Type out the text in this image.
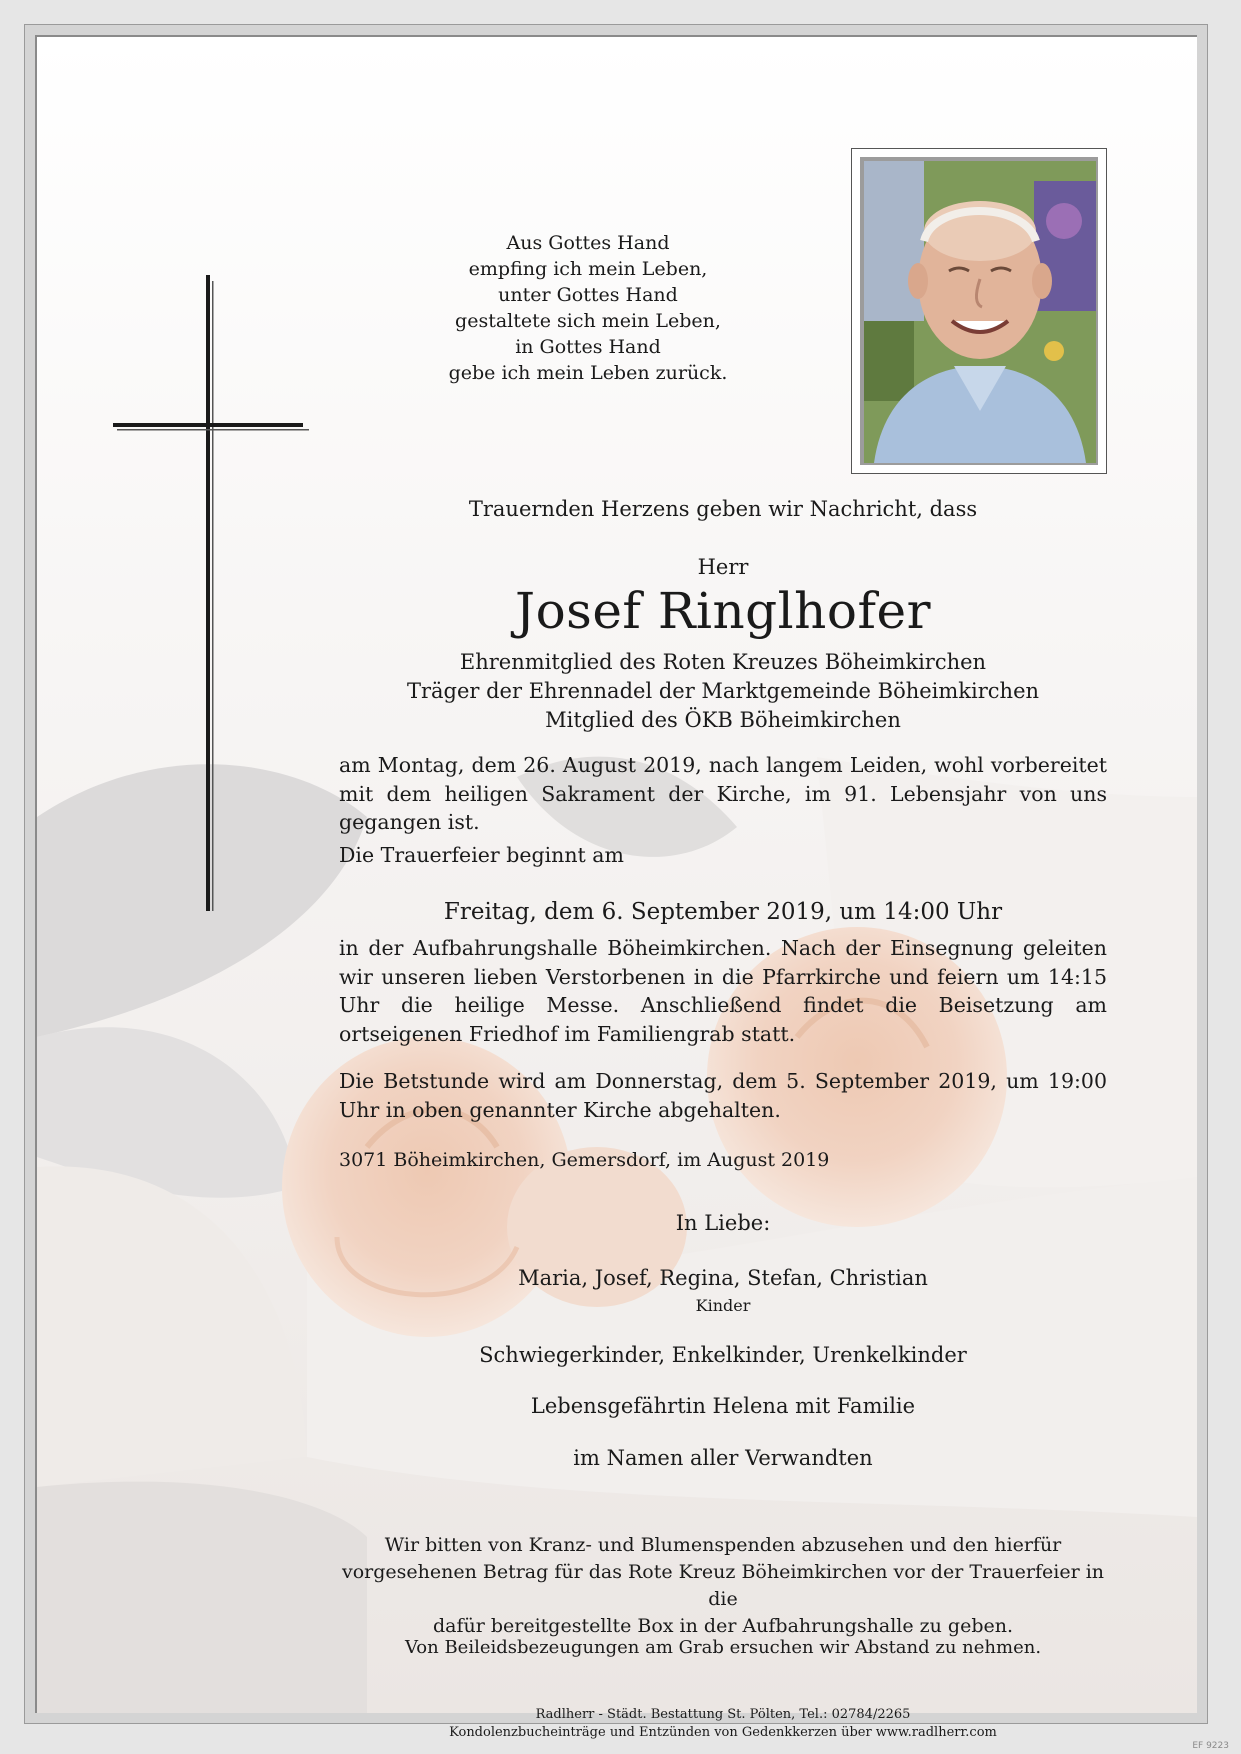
Aus Gottes Hand
empfing ich mein Leben,
unter Gottes Hand
gestaltete sich mein Leben,
in Gottes Hand
gebe ich mein Leben zurück.
Trauernden Herzens geben wir Nachricht, dass
Herr
Josef Ringlhofer
Ehrenmitglied des Roten Kreuzes Böheimkirchen
Träger der Ehrennadel der Marktgemeinde Böheimkirchen
Mitglied des ÖKB Böheimkirchen
am Montag, dem 26. August 2019, nach langem Leiden, wohl vorbereitet mit dem heiligen Sakrament der Kirche, im 91. Lebensjahr von uns gegangen ist.
Die Trauerfeier beginnt am
Freitag, dem 6. September 2019, um 14:00 Uhr
in der Aufbahrungshalle Böheimkirchen. Nach der Einsegnung geleiten wir unseren lieben Verstorbenen in die Pfarrkirche und feiern um 14:15 Uhr die heilige Messe. Anschließend findet die Beisetzung am ortseigenen Friedhof im Familiengrab statt.
Die Betstunde wird am Donnerstag, dem 5. September 2019, um 19:00 Uhr in oben genannter Kirche abgehalten.
3071 Böheimkirchen, Gemersdorf, im August 2019
In Liebe:
Maria, Josef, Regina, Stefan, Christian
Kinder
Schwiegerkinder, Enkelkinder, Urenkelkinder
Lebensgefährtin Helena mit Familie
im Namen aller Verwandten
Wir bitten von Kranz- und Blumenspenden abzusehen und den hierfür
vorgesehenen Betrag für das Rote Kreuz Böheimkirchen vor der Trauerfeier in die
dafür bereitgestellte Box in der Aufbahrungshalle zu geben.
Von Beileidsbezeugungen am Grab ersuchen wir Abstand zu nehmen.
Radlherr - Städt. Bestattung St. Pölten, Tel.: 02784/2265
Kondolenzbucheinträge und Entzünden von Gedenkkerzen über www.radlherr.com
EF 9223
